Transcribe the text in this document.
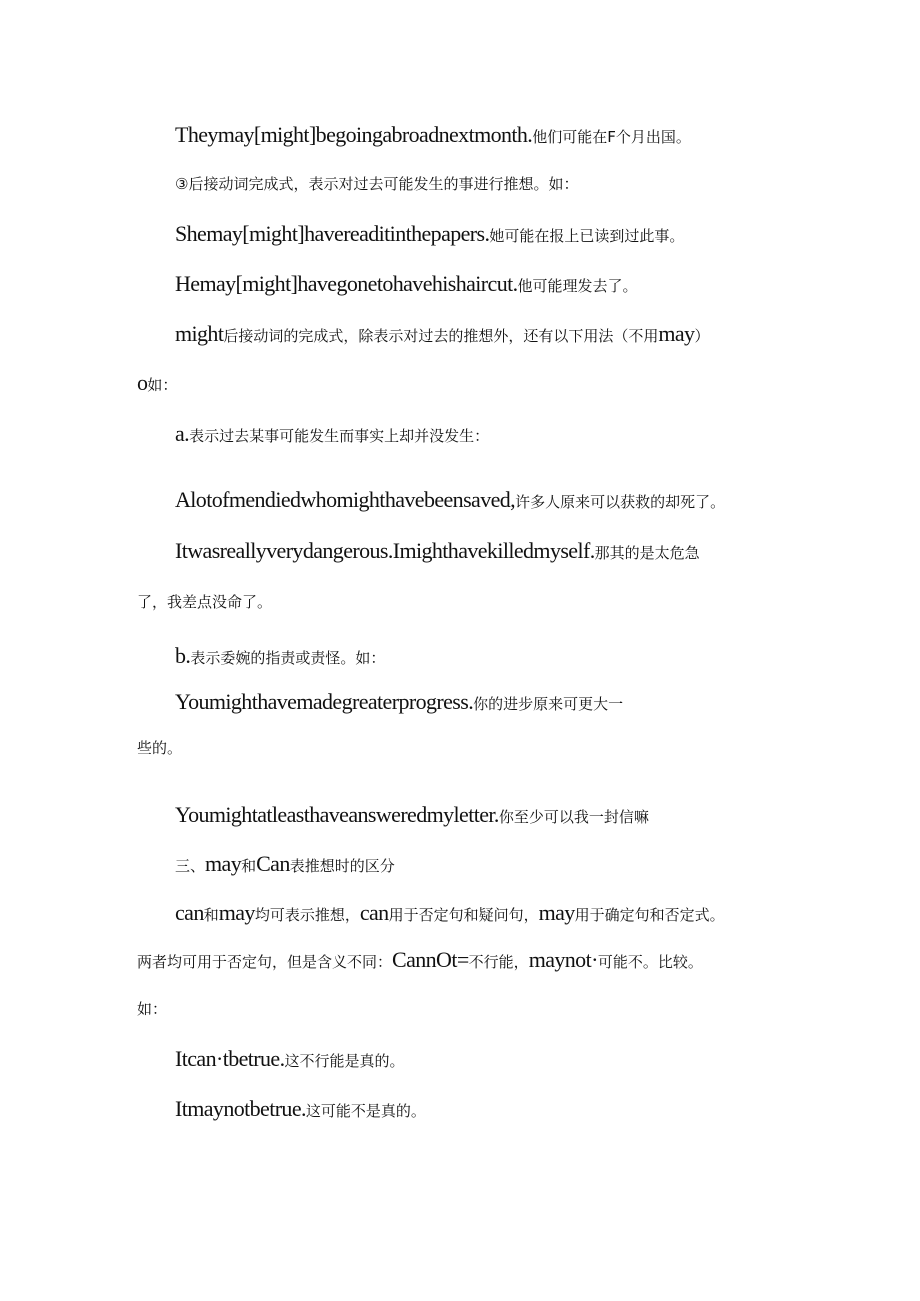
Theymay[might]begoingabroadnextmonth.他们可能在F个月出国。
③后接动词完成式，表示对过去可能发生的事进行推想。如：
Shemay[might]havereaditinthepapers.她可能在报上已读到过此事。
Hemay[might]havegonetohavehishaircut.他可能理发去了。
might后接动词的完成式，除表示对过去的推想外，还有以下用法（不用may）
o如：
a.表示过去某事可能发生而事实上却并没发生：
Alotofmendiedwhomighthavebeensaved,许多人原来可以获救的却死了。
Itwasreallyverydangerous.Imighthavekilledmyself.那其的是太危急
了，我差点没命了。
b.表示委婉的指责或责怪。如：
Youmighthavemadegreaterprogress.你的进步原来可更大一
些的。
Youmightatleasthaveansweredmyletter.你至少可以我一封信嘛
三、may和Can表推想时的区分
can和may均可表示推想，can用于否定句和疑问句，may用于确定句和否定式。
两者均可用于否定句，但是含义不同：CannOt=不行能，maynot·可能不。比较。
如：
Itcan·tbetrue.这不行能是真的。
Itmaynotbetrue.这可能不是真的。
